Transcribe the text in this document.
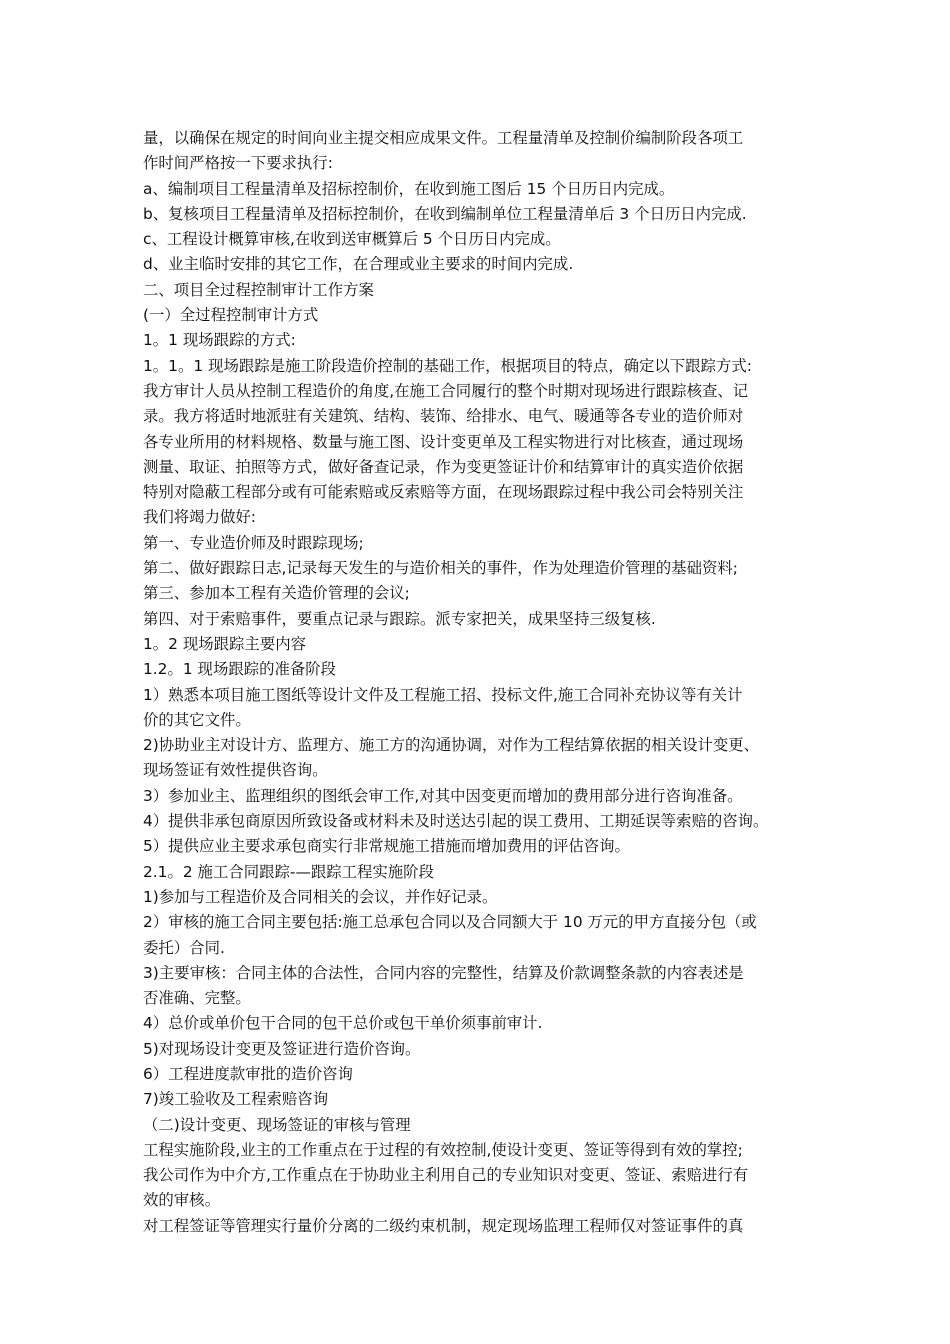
量，以确保在规定的时间向业主提交相应成果文件。工程量清单及控制价编制阶段各项工
作时间严格按一下要求执行:
a、编制项目工程量清单及招标控制价，在收到施工图后 15 个日历日内完成。
b、复核项目工程量清单及招标控制价，在收到编制单位工程量清单后 3 个日历日内完成.
c、工程设计概算审核,在收到送审概算后 5 个日历日内完成。
d、业主临时安排的其它工作，在合理或业主要求的时间内完成.
二、项目全过程控制审计工作方案
(一）全过程控制审计方式
1。1 现场跟踪的方式:
1。1。1 现场跟踪是施工阶段造价控制的基础工作，根据项目的特点，确定以下跟踪方式:
我方审计人员从控制工程造价的角度,在施工合同履行的整个时期对现场进行跟踪核查、记
录。我方将适时地派驻有关建筑、结构、装饰、给排水、电气、暖通等各专业的造价师对
各专业所用的材料规格、数量与施工图、设计变更单及工程实物进行对比核查，通过现场
测量、取证、拍照等方式，做好备查记录，作为变更签证计价和结算审计的真实造价依据
特别对隐蔽工程部分或有可能索赔或反索赔等方面，在现场跟踪过程中我公司会特别关注
我们将竭力做好:
第一、专业造价师及时跟踪现场;
第二、做好跟踪日志,记录每天发生的与造价相关的事件，作为处理造价管理的基础资料;
第三、参加本工程有关造价管理的会议;
第四、对于索赔事件，要重点记录与跟踪。派专家把关，成果坚持三级复核.
1。2 现场跟踪主要内容
1.2。1 现场跟踪的准备阶段
1）熟悉本项目施工图纸等设计文件及工程施工招、投标文件,施工合同补充协议等有关计
价的其它文件。
2)协助业主对设计方、监理方、施工方的沟通协调，对作为工程结算依据的相关设计变更、
现场签证有效性提供咨询。
3）参加业主、监理组织的图纸会审工作,对其中因变更而增加的费用部分进行咨询准备。
4）提供非承包商原因所致设备或材料未及时送达引起的误工费用、工期延误等索赔的咨询。
5）提供应业主要求承包商实行非常规施工措施而增加费用的评估咨询。
2.1。2 施工合同跟踪-—跟踪工程实施阶段
1)参加与工程造价及合同相关的会议，并作好记录。
2）审核的施工合同主要包括:施工总承包合同以及合同额大于 10 万元的甲方直接分包（或
委托）合同.
3)主要审核：合同主体的合法性，合同内容的完整性，结算及价款调整条款的内容表述是
否准确、完整。
4）总价或单价包干合同的包干总价或包干单价须事前审计.
5)对现场设计变更及签证进行造价咨询。
6）工程进度款审批的造价咨询
7)竣工验收及工程索赔咨询
（二)设计变更、现场签证的审核与管理
工程实施阶段,业主的工作重点在于过程的有效控制,使设计变更、签证等得到有效的掌控;
我公司作为中介方,工作重点在于协助业主利用自己的专业知识对变更、签证、索赔进行有
效的审核。
对工程签证等管理实行量价分离的二级约束机制，规定现场监理工程师仅对签证事件的真
